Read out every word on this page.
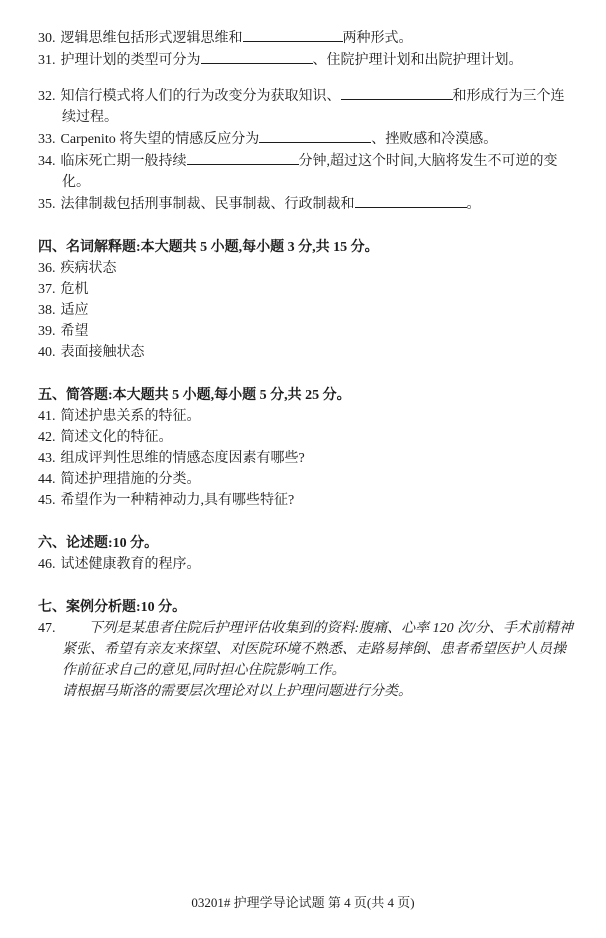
30. 逻辑思维包括形式逻辑思维和	两种形式。
31. 护理计划的类型可分为	、住院护理计划和出院护理计划。
32. 知信行模式将人们的行为改变分为获取知识、	和形成行为三个连续过程。
33. Carpenito 将失望的情感反应分为	、挫败感和冷漠感。
34. 临床死亡期一般持续	分钟,超过这个时间,大脑将发生不可逆的变化。
35. 法律制裁包括刑事制裁、民事制裁、行政制裁和	。
四、名词解释题:本大题共 5 小题,每小题 3 分,共 15 分。
36. 疾病状态
37. 危机
38. 适应
39. 希望
40. 表面接触状态
五、简答题:本大题共 5 小题,每小题 5 分,共 25 分。
41. 简述护患关系的特征。
42. 简述文化的特征。
43. 组成评判性思维的情感态度因素有哪些?
44. 简述护理措施的分类。
45. 希望作为一种精神动力,具有哪些特征?
六、论述题:10 分。
46. 试述健康教育的程序。
七、案例分析题:10 分。
47. 下列是某患者住院后护理评估收集到的资料:腹痛、心率 120 次/分、手术前精神紧张、希望有亲友来探望、对医院环境不熟悉、走路易摔倒、患者希望医护人员操作前征求自己的意见,同时担心住院影响工作。
请根据马斯洛的需要层次理论对以上护理问题进行分类。
03201# 护理学导论试题 第 4 页(共 4 页)
